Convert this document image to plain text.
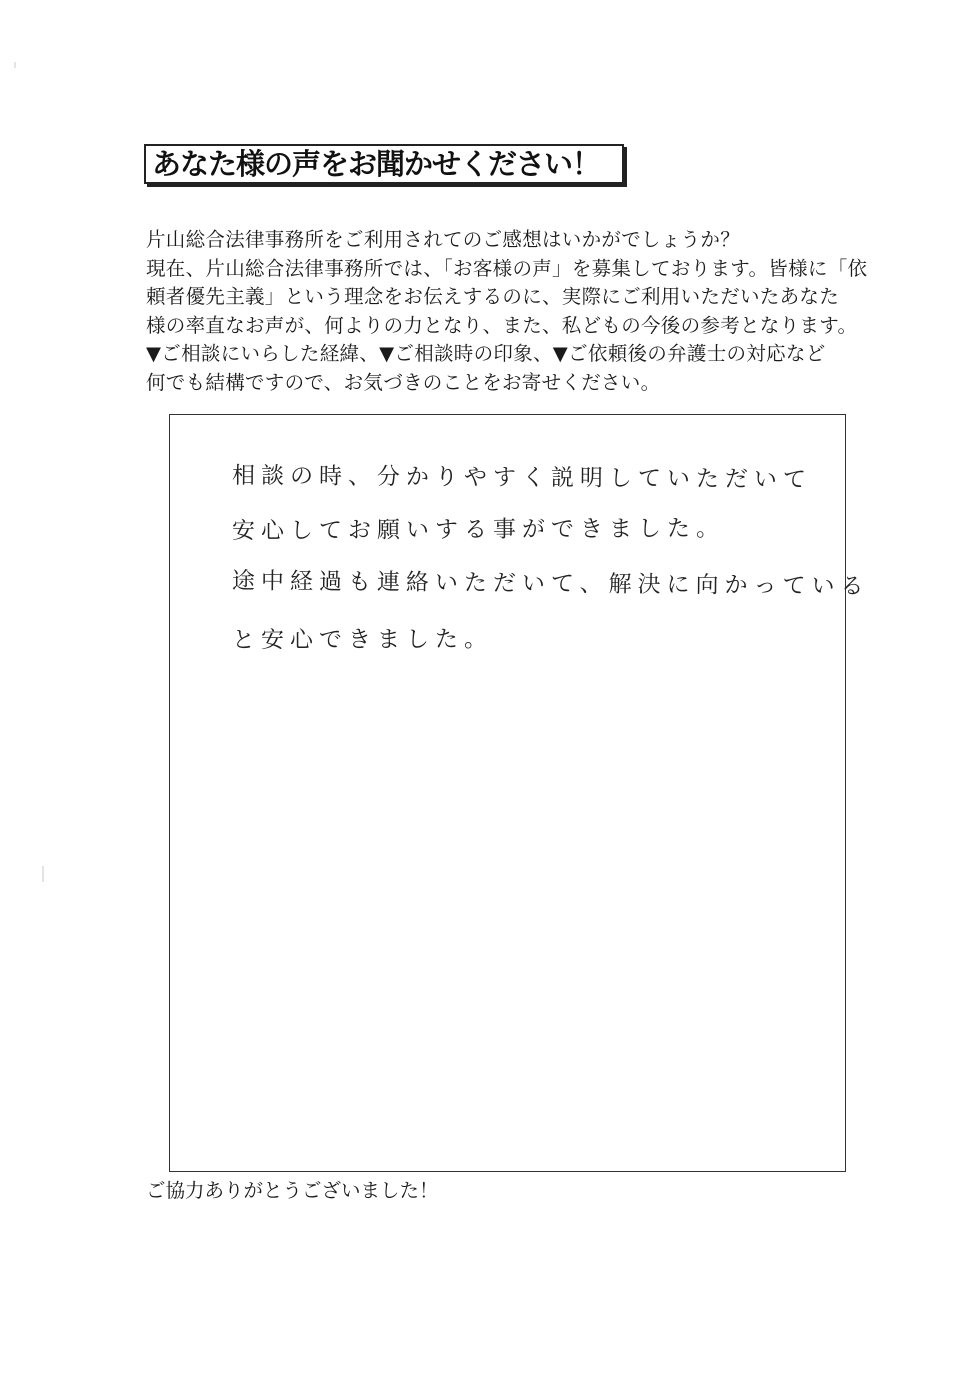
あなた様の声をお聞かせください！
片山総合法律事務所をご利用されてのご感想はいかがでしょうか？
現在、片山総合法律事務所では、「お客様の声」を募集しております。皆様に「依
頼者優先主義」という理念をお伝えするのに、実際にご利用いただいたあなた
様の率直なお声が、何よりの力となり、また、私どもの今後の参考となります。
▼ご相談にいらした経緯、▼ご相談時の印象、▼ご依頼後の弁護士の対応など
何でも結構ですので、お気づきのことをお寄せください。
相談の時、分かりやすく説明していただいて
安心してお願いする事ができました。
途中経過も連絡いただいて、解決に向かっている
と安心できました。
ご協力ありがとうございました！
